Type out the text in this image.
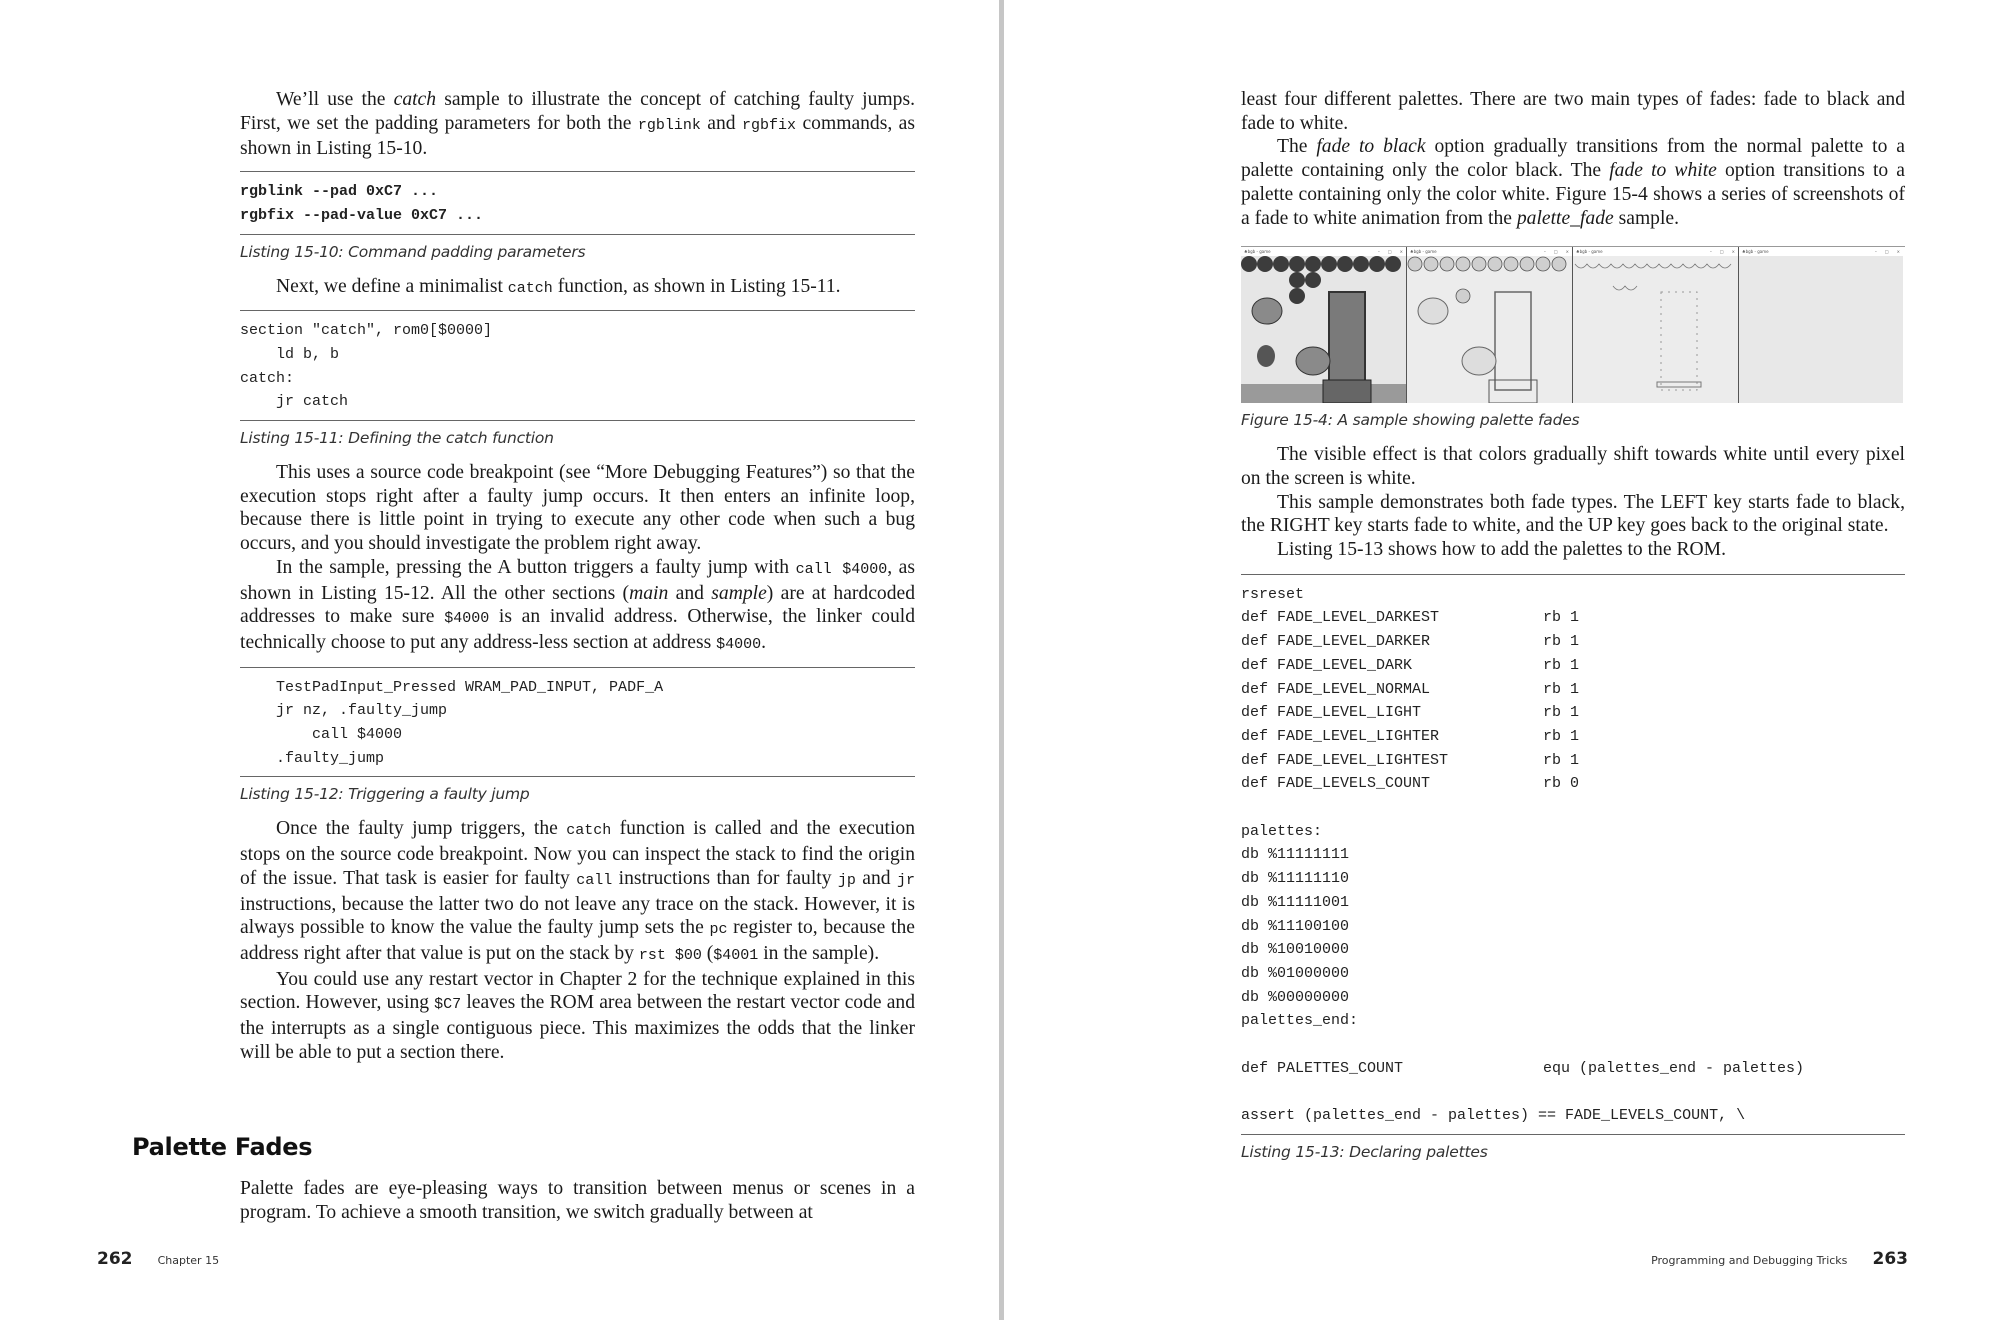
We’ll use the catch sample to illustrate the concept of catching faulty jumps. First, we set the padding parameters for both the rgblink and rgbfix commands, as shown in Listing 15-10.

rgblink --pad 0xC7 ...
rgbfix --pad-value 0xC7 ...
Listing 15-10: Command padding parameters

Next, we define a minimalist catch function, as shown in Listing 15-11.

section "catch", rom0[$0000]
ld b, b
catch:
jr catch
Listing 15-11: Defining the catch function

This uses a source code breakpoint (see “More Debugging Features”) so that the execution stops right after a faulty jump occurs. It then enters an infinite loop, because there is little point in trying to execute any other code when such a bug occurs, and you should investigate the problem right away.

In the sample, pressing the A button triggers a faulty jump with call $4000, as shown in Listing 15-12. All the other sections (main and sample) are at hardcoded addresses to make sure $4000 is an invalid address. Otherwise, the linker could technically choose to put any address-less section at address $4000.

TestPadInput_Pressed WRAM_PAD_INPUT, PADF_A
jr nz, .faulty_jump
call $4000
.faulty_jump
Listing 15-12: Triggering a faulty jump

Once the faulty jump triggers, the catch function is called and the execution stops on the source code breakpoint. Now you can inspect the stack to find the origin of the issue. That task is easier for faulty call instructions than for faulty jp and jr instructions, because the latter two do not leave any trace on the stack. However, it is always possible to know the value the faulty jump sets the pc register to, because the address right after that value is put on the stack by rst $00 ($4001 in the sample).

You could use any restart vector in Chapter 2 for the technique explained in this section. However, using $C7 leaves the ROM area between the restart vector code and the interrupts as a single contiguous piece. This maximizes the odds that the linker will be able to put a section there.

Palette Fades

Palette fades are eye-pleasing ways to transition between menus or scenes in a program. To achieve a smooth transition, we switch gradually between at

262 Chapter 15

least four different palettes. There are two main types of fades: fade to black and fade to white.

The fade to black option gradually transitions from the normal palette to a palette containing only the color black. The fade to white option transitions to a palette containing only the color white. Figure 15-4 shows a series of screenshots of a fade to white animation from the palette_fade sample.

♣ bgb - game	– □ × ♣ bgb - game	– □ × ♣ bgb - game	– □ × ♣ bgb - game	– □ ×
Figure 15-4: A sample showing palette fades

The visible effect is that colors gradually shift towards white until every pixel on the screen is white.

This sample demonstrates both fade types. The LEFT key starts fade to black, the RIGHT key starts fade to white, and the UP key goes back to the original state.

Listing 15-13 shows how to add the palettes to the ROM.

rsreset
def FADE_LEVEL_DARKEST	rb 1
def FADE_LEVEL_DARKER	rb 1
def FADE_LEVEL_DARK	rb 1
def FADE_LEVEL_NORMAL	rb 1
def FADE_LEVEL_LIGHT	rb 1
def FADE_LEVEL_LIGHTER	rb 1
def FADE_LEVEL_LIGHTEST	rb 1
def FADE_LEVELS_COUNT	rb 0

palettes:
db %11111111
db %11111110
db %11111001
db %11100100
db %10010000
db %01000000
db %00000000
palettes_end:

def PALETTES_COUNT	equ (palettes_end - palettes)

assert (palettes_end - palettes) == FADE_LEVELS_COUNT, \
Listing 15-13: Declaring palettes
Programming and Debugging Tricks 263
